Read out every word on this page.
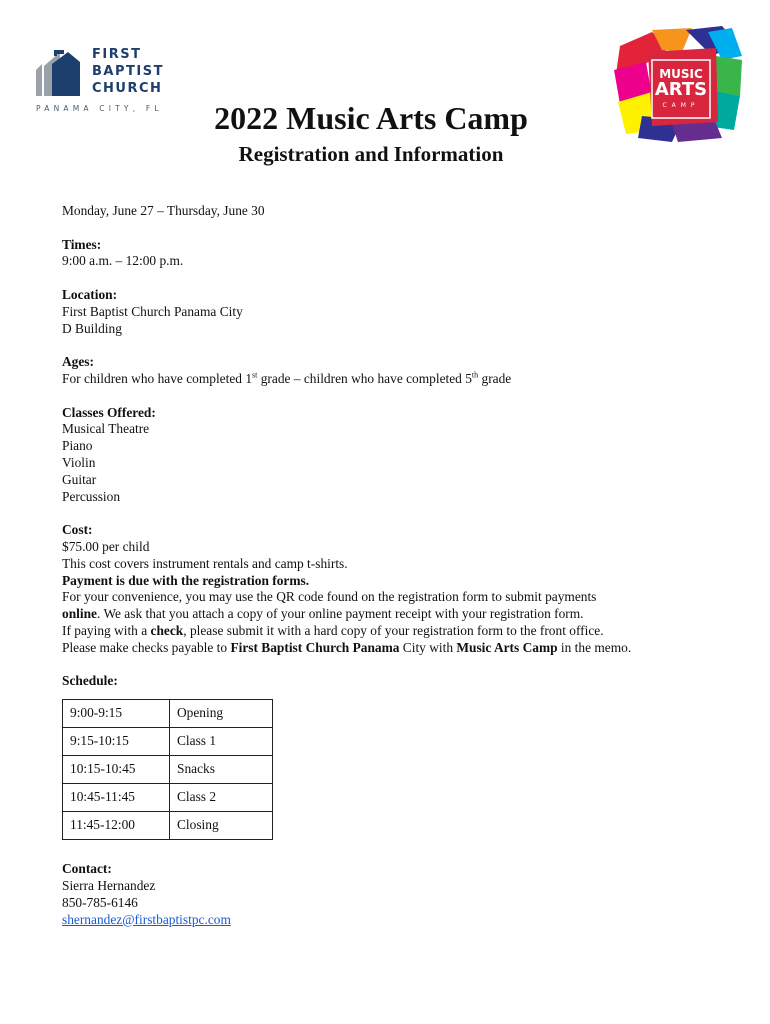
FIRST
BAPTIST
CHURCH
PANAMA CITY, FL
MUSIC
ARTS
CAMP
2022 Music Arts Camp
Registration and Information

Monday, June 27 – Thursday, June 30

Times:

9:00 a.m. – 12:00 p.m.

Location:

First Baptist Church Panama City

D Building

Ages:

For children who have completed 1st grade – children who have completed 5th grade

Classes Offered:

Musical Theatre

Piano

Violin

Guitar

Percussion

Cost:

$75.00 per child

This cost covers instrument rentals and camp t-shirts.

Payment is due with the registration forms.

For your convenience, you may use the QR code found on the registration form to submit payments
online. We ask that you attach a copy of your online payment receipt with your registration form.

If paying with a check, please submit it with a hard copy of your registration form to the front office.

Please make checks payable to First Baptist Church Panama City with Music Arts Camp in the memo.

Schedule:

9:00-9:15	Opening
9:15-10:15	Class 1
10:15-10:45	Snacks
10:45-11:45	Class 2
11:45-12:00	Closing

Contact:

Sierra Hernandez

850-785-6146

shernandez@firstbaptistpc.com
